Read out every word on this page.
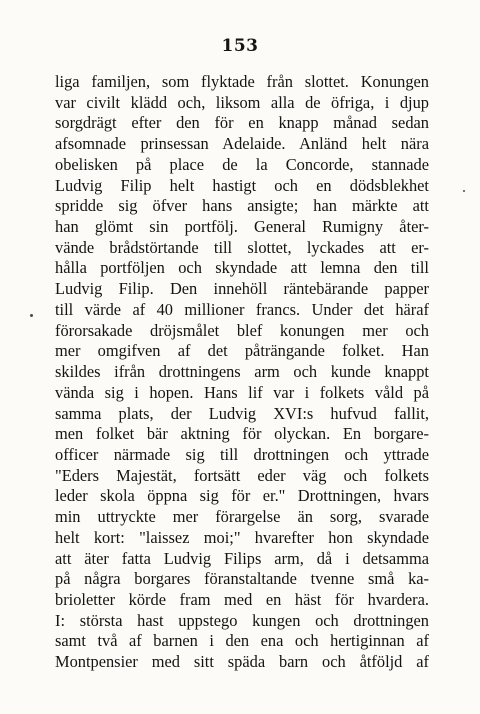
153
liga familjen, som flyktade från slottet. Konungen
var civilt klädd och, liksom alla de öfriga, i djup
sorgdrägt efter den för en knapp månad sedan
afsomnade prinsessan Adelaide. Anländ helt nära
obelisken på place de la Concorde, stannade
Ludvig Filip helt hastigt och en dödsblekhet
spridde sig öfver hans ansigte; han märkte att
han glömt sin portfölj. General Rumigny åter-
vände brådstörtande till slottet, lyckades att er-
hålla portföljen och skyndade att lemna den till
Ludvig Filip. Den innehöll räntebärande papper
till värde af 40 millioner francs. Under det häraf
förorsakade dröjsmålet blef konungen mer och
mer omgifven af det påträngande folket. Han
skildes ifrån drottningens arm och kunde knappt
vända sig i hopen. Hans lif var i folkets våld på
samma plats, der Ludvig XVI:s hufvud fallit,
men folket bär aktning för olyckan. En borgare-
officer närmade sig till drottningen och yttrade
"Eders Majestät, fortsätt eder väg och folkets
leder skola öppna sig för er." Drottningen, hvars
min uttryckte mer förargelse än sorg, svarade
helt kort: "laissez moi;" hvarefter hon skyndade
att äter fatta Ludvig Filips arm, då i detsamma
på några borgares föranstaltande tvenne små ka-
brioletter körde fram med en häst för hvardera.
I: största hast uppstego kungen och drottningen
samt två af barnen i den ena och hertiginnan af
Montpensier med sitt späda barn och åtföljd af
